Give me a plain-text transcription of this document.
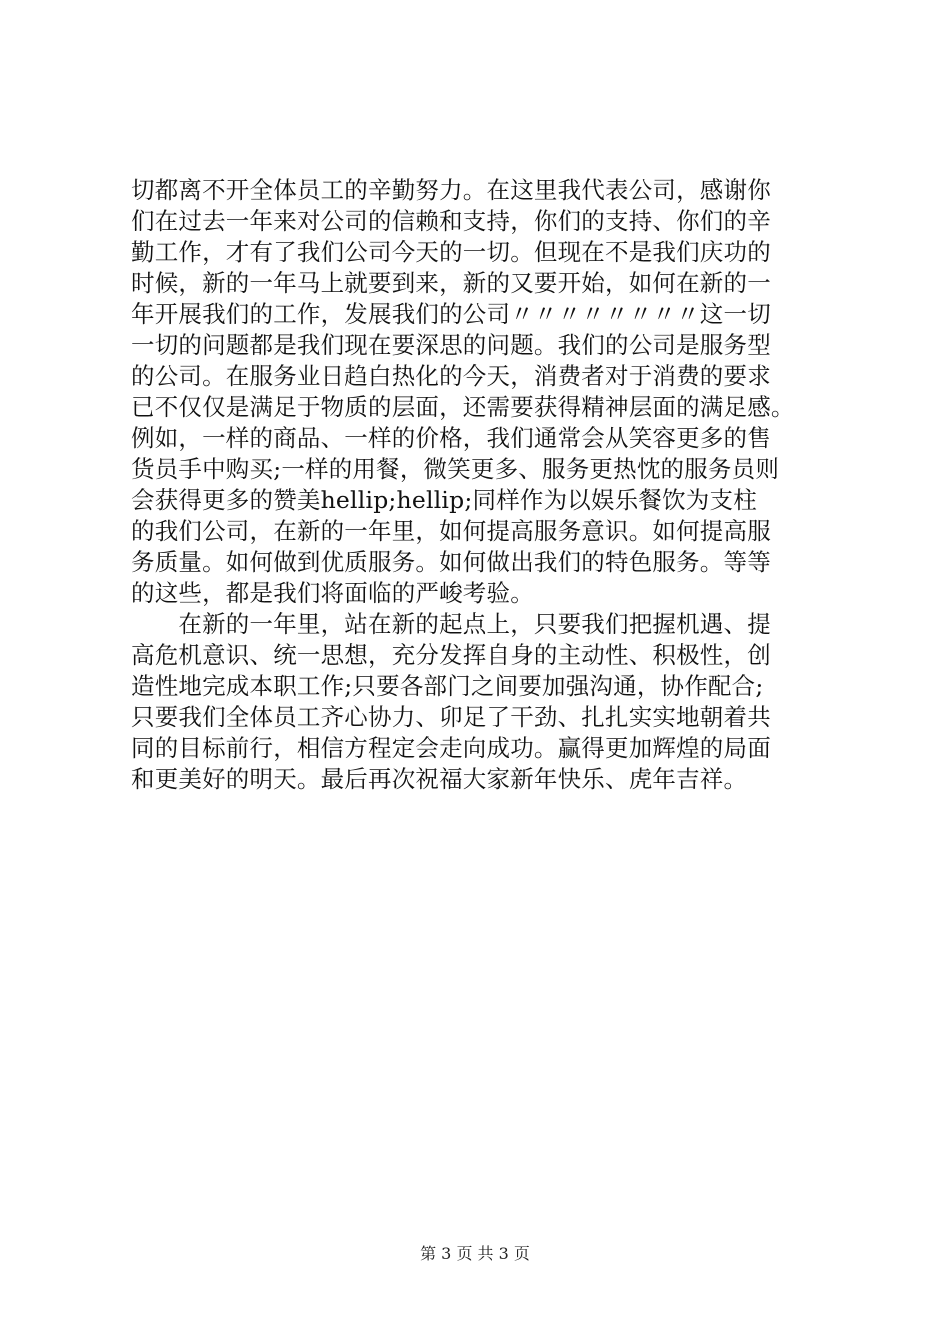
切都离不开全体员工的辛勤努力。在这里我代表公司，感谢你
们在过去一年来对公司的信赖和支持，你们的支持、你们的辛
勤工作，才有了我们公司今天的一切。但现在不是我们庆功的
时候，新的一年马上就要到来，新的又要开始，如何在新的一
年开展我们的工作，发展我们的公司〃〃〃〃〃〃〃〃这一切
一切的问题都是我们现在要深思的问题。我们的公司是服务型
的公司。在服务业日趋白热化的今天，消费者对于消费的要求
已不仅仅是满足于物质的层面，还需要获得精神层面的满足感。
例如，一样的商品、一样的价格，我们通常会从笑容更多的售
货员手中购买;一样的用餐，微笑更多、服务更热忱的服务员则
会获得更多的赞美hellip;hellip;同样作为以娱乐餐饮为支柱
的我们公司，在新的一年里，如何提高服务意识。如何提高服
务质量。如何做到优质服务。如何做出我们的特色服务。等等
的这些，都是我们将面临的严峻考验。
　　在新的一年里，站在新的起点上，只要我们把握机遇、提
高危机意识、统一思想，充分发挥自身的主动性、积极性，创
造性地完成本职工作;只要各部门之间要加强沟通，协作配合;
只要我们全体员工齐心协力、卯足了干劲、扎扎实实地朝着共
同的目标前行，相信方程定会走向成功。赢得更加辉煌的局面
和更美好的明天。最后再次祝福大家新年快乐、虎年吉祥。
第 3 页 共 3 页
